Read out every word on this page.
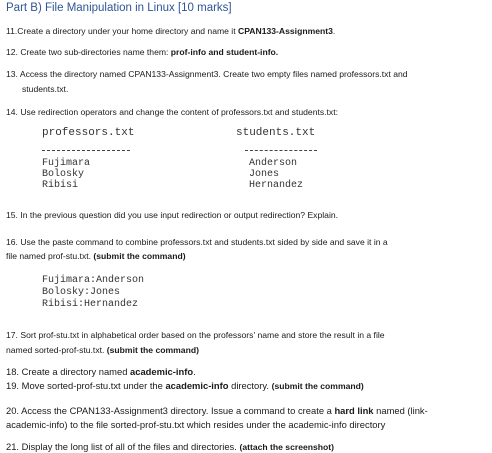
Part B) File Manipulation in Linux [10 marks]
11.Create a directory under your home directory and name it CPAN133-Assignment3.
12. Create two sub-directories name them: prof-info and student-info.
13. Access the directory named CPAN133-Assignment3. Create two empty files named professors.txt and
students.txt.
14. Use redirection operators and change the content of professors.txt and students.txt:
professors.txt	students.txt
Fujimara
Bolosky
Ribisi
Anderson
Jones
Hernandez
15. In the previous question did you use input redirection or output redirection? Explain.
16. Use the paste command to combine professors.txt and students.txt sided by side and save it in a
file named prof-stu.txt. (submit the command)
Fujimara:Anderson
Bolosky:Jones
Ribisi:Hernandez
17. Sort prof-stu.txt in alphabetical order based on the professors' name and store the result in a file
named sorted-prof-stu.txt. (submit the command)
18. Create a directory named academic-info.
19. Move sorted-prof-stu.txt under the academic-info directory. (submit the command)
20. Access the CPAN133-Assignment3 directory. Issue a command to create a hard link named (link-
academic-info) to the file sorted-prof-stu.txt which resides under the academic-info directory
21. Display the long list of all of the files and directories. (attach the screenshot)
